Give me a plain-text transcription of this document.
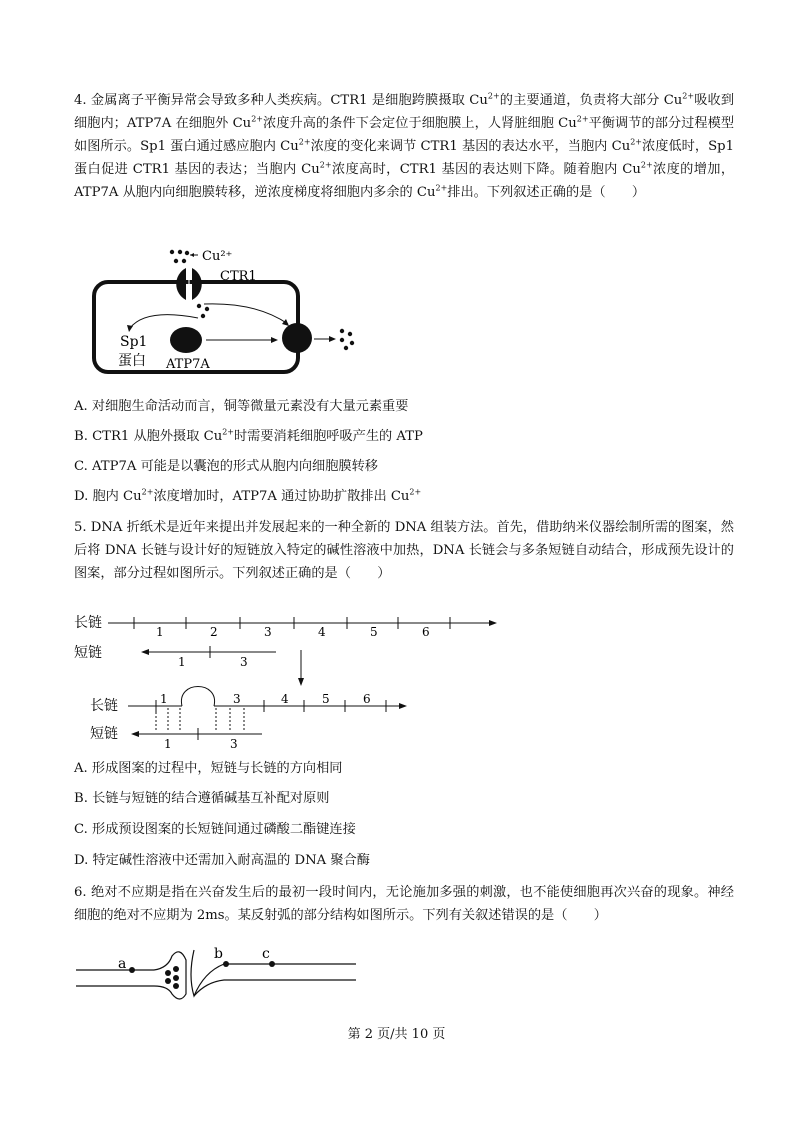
4. 金属离子平衡异常会导致多种人类疾病。CTR1 是细胞跨膜摄取 $Cu^{2+}$的主要通道，负责将大部分 $Cu^{2+}$吸收到细胞内；ATP7A 在细胞外 $Cu^{2+}$浓度升高的条件下会定位于细胞膜上，人肾脏细胞 $Cu^{2+}$平衡调节的部分过程模型如图所示。Sp1 蛋白通过感应胞内 $Cu^{2+}$浓度的变化来调节 CTR1 基因的表达水平，当胞内 $Cu^{2+}$浓度低时，Sp1 蛋白促进 CTR1 基因的表达；当胞内 $Cu^{2+}$浓度高时，CTR1 基因的表达则下降。随着胞内 $Cu^{2+}$浓度的增加，ATP7A 从胞内向细胞膜转移，逆浓度梯度将细胞内多余的 $Cu^{2+}$排出。下列叙述正确的是（　　）

Cu²⁺
CTR1
Sp1
蛋白 ATP7A

A. 对细胞生命活动而言，铜等微量元素没有大量元素重要

B. CTR1 从胞外摄取 $Cu^{2+}$时需要消耗细胞呼吸产生的 ATP

C. ATP7A 可能是以囊泡的形式从胞内向细胞膜转移

D. 胞内 $Cu^{2+}$浓度增加时，ATP7A 通过协助扩散排出 $Cu^{2+}$

5. DNA 折纸术是近年来提出并发展起来的一种全新的 DNA 组装方法。首先，借助纳米仪器绘制所需的图案，然后将 DNA 长链与设计好的短链放入特定的碱性溶液中加热，DNA 长链会与多条短链自动结合，形成预先设计的图案，部分过程如图所示。下列叙述正确的是（　　）

长链
1	2	3	4	5	6
短链
1	3
长链	1	3	4	5	6
短链
1	3

A. 形成图案的过程中，短链与长链的方向相同

B. 长链与短链的结合遵循碱基互补配对原则

C. 形成预设图案的长短链间通过磷酸二酯键连接

D. 特定碱性溶液中还需加入耐高温的 DNA 聚合酶

6. 绝对不应期是指在兴奋发生后的最初一段时间内，无论施加多强的刺激，也不能使细胞再次兴奋的现象。神经细胞的绝对不应期为 2ms。某反射弧的部分结构如图所示。下列有关叙述错误的是（　　）

a
b	c
第 2 页/共 10 页
